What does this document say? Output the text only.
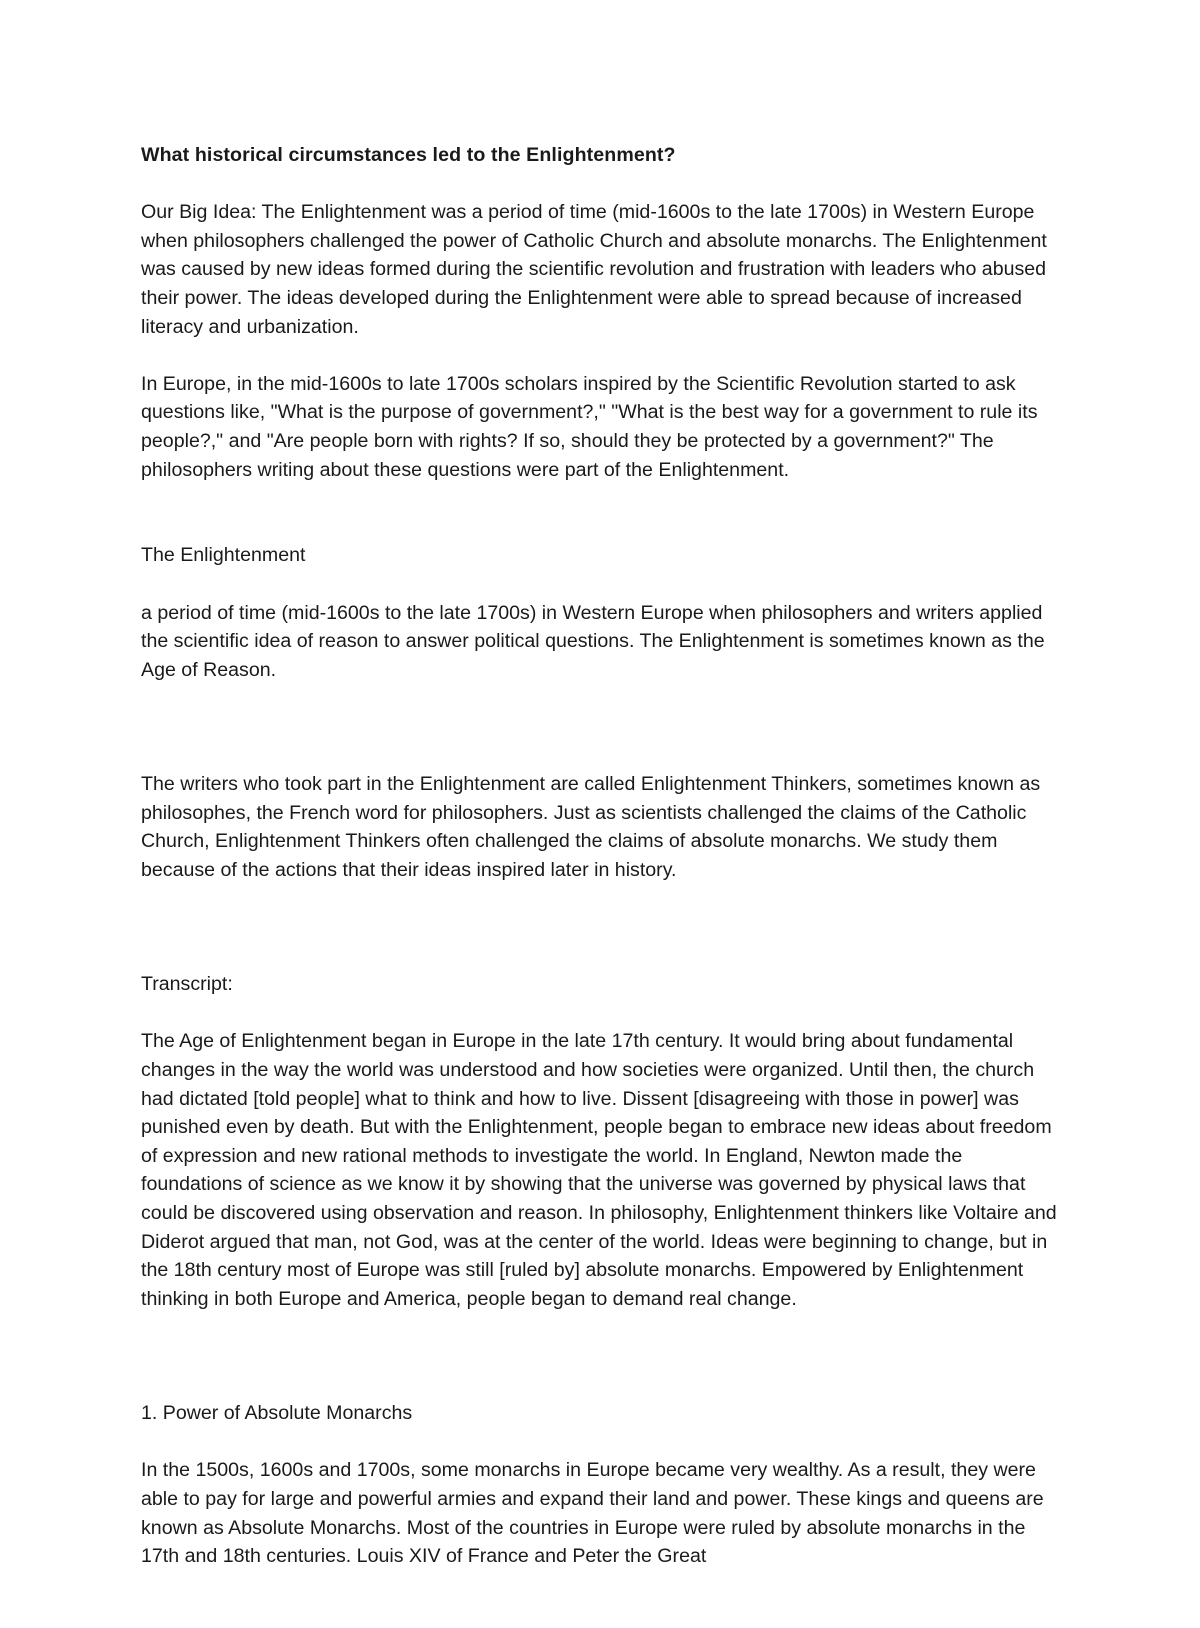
What historical circumstances led to the Enlightenment?
Our Big Idea: The Enlightenment was a period of time (mid-1600s to the late 1700s) in Western Europe when philosophers challenged the power of Catholic Church and absolute monarchs. The Enlightenment was caused by new ideas formed during the scientific revolution and frustration with leaders who abused their power. The ideas developed during the Enlightenment were able to spread because of increased literacy and urbanization.
In Europe, in the mid-1600s to late 1700s scholars inspired by the Scientific Revolution started to ask questions like, "What is the purpose of government?," "What is the best way for a government to rule its people?," and "Are people born with rights? If so, should they be protected by a government?" The philosophers writing about these questions were part of the Enlightenment.

The Enlightenment

a period of time (mid-1600s to the late 1700s) in Western Europe when philosophers and writers applied the scientific idea of reason to answer political questions. The Enlightenment is sometimes known as the Age of Reason.

The writers who took part in the Enlightenment are called Enlightenment Thinkers, sometimes known as philosophes, the French word for philosophers. Just as scientists challenged the claims of the Catholic Church, Enlightenment Thinkers often challenged the claims of absolute monarchs. We study them because of the actions that their ideas inspired later in history.

Transcript:

The Age of Enlightenment began in Europe in the late 17th century. It would bring about fundamental changes in the way the world was understood and how societies were organized. Until then, the church had dictated [told people] what to think and how to live. Dissent [disagreeing with those in power] was punished even by death. But with the Enlightenment, people began to embrace new ideas about freedom of expression and new rational methods to investigate the world. In England, Newton made the foundations of science as we know it by showing that the universe was governed by physical laws that could be discovered using observation and reason. In philosophy, Enlightenment thinkers like Voltaire and Diderot argued that man, not God, was at the center of the world. Ideas were beginning to change, but in the 18th century most of Europe was still [ruled by] absolute monarchs. Empowered by Enlightenment thinking in both Europe and America, people began to demand real change.

1. Power of Absolute Monarchs

In the 1500s, 1600s and 1700s, some monarchs in Europe became very wealthy. As a result, they were able to pay for large and powerful armies and expand their land and power. These kings and queens are known as Absolute Monarchs. Most of the countries in Europe were ruled by absolute monarchs in the 17th and 18th centuries. Louis XIV of France and Peter the Great
